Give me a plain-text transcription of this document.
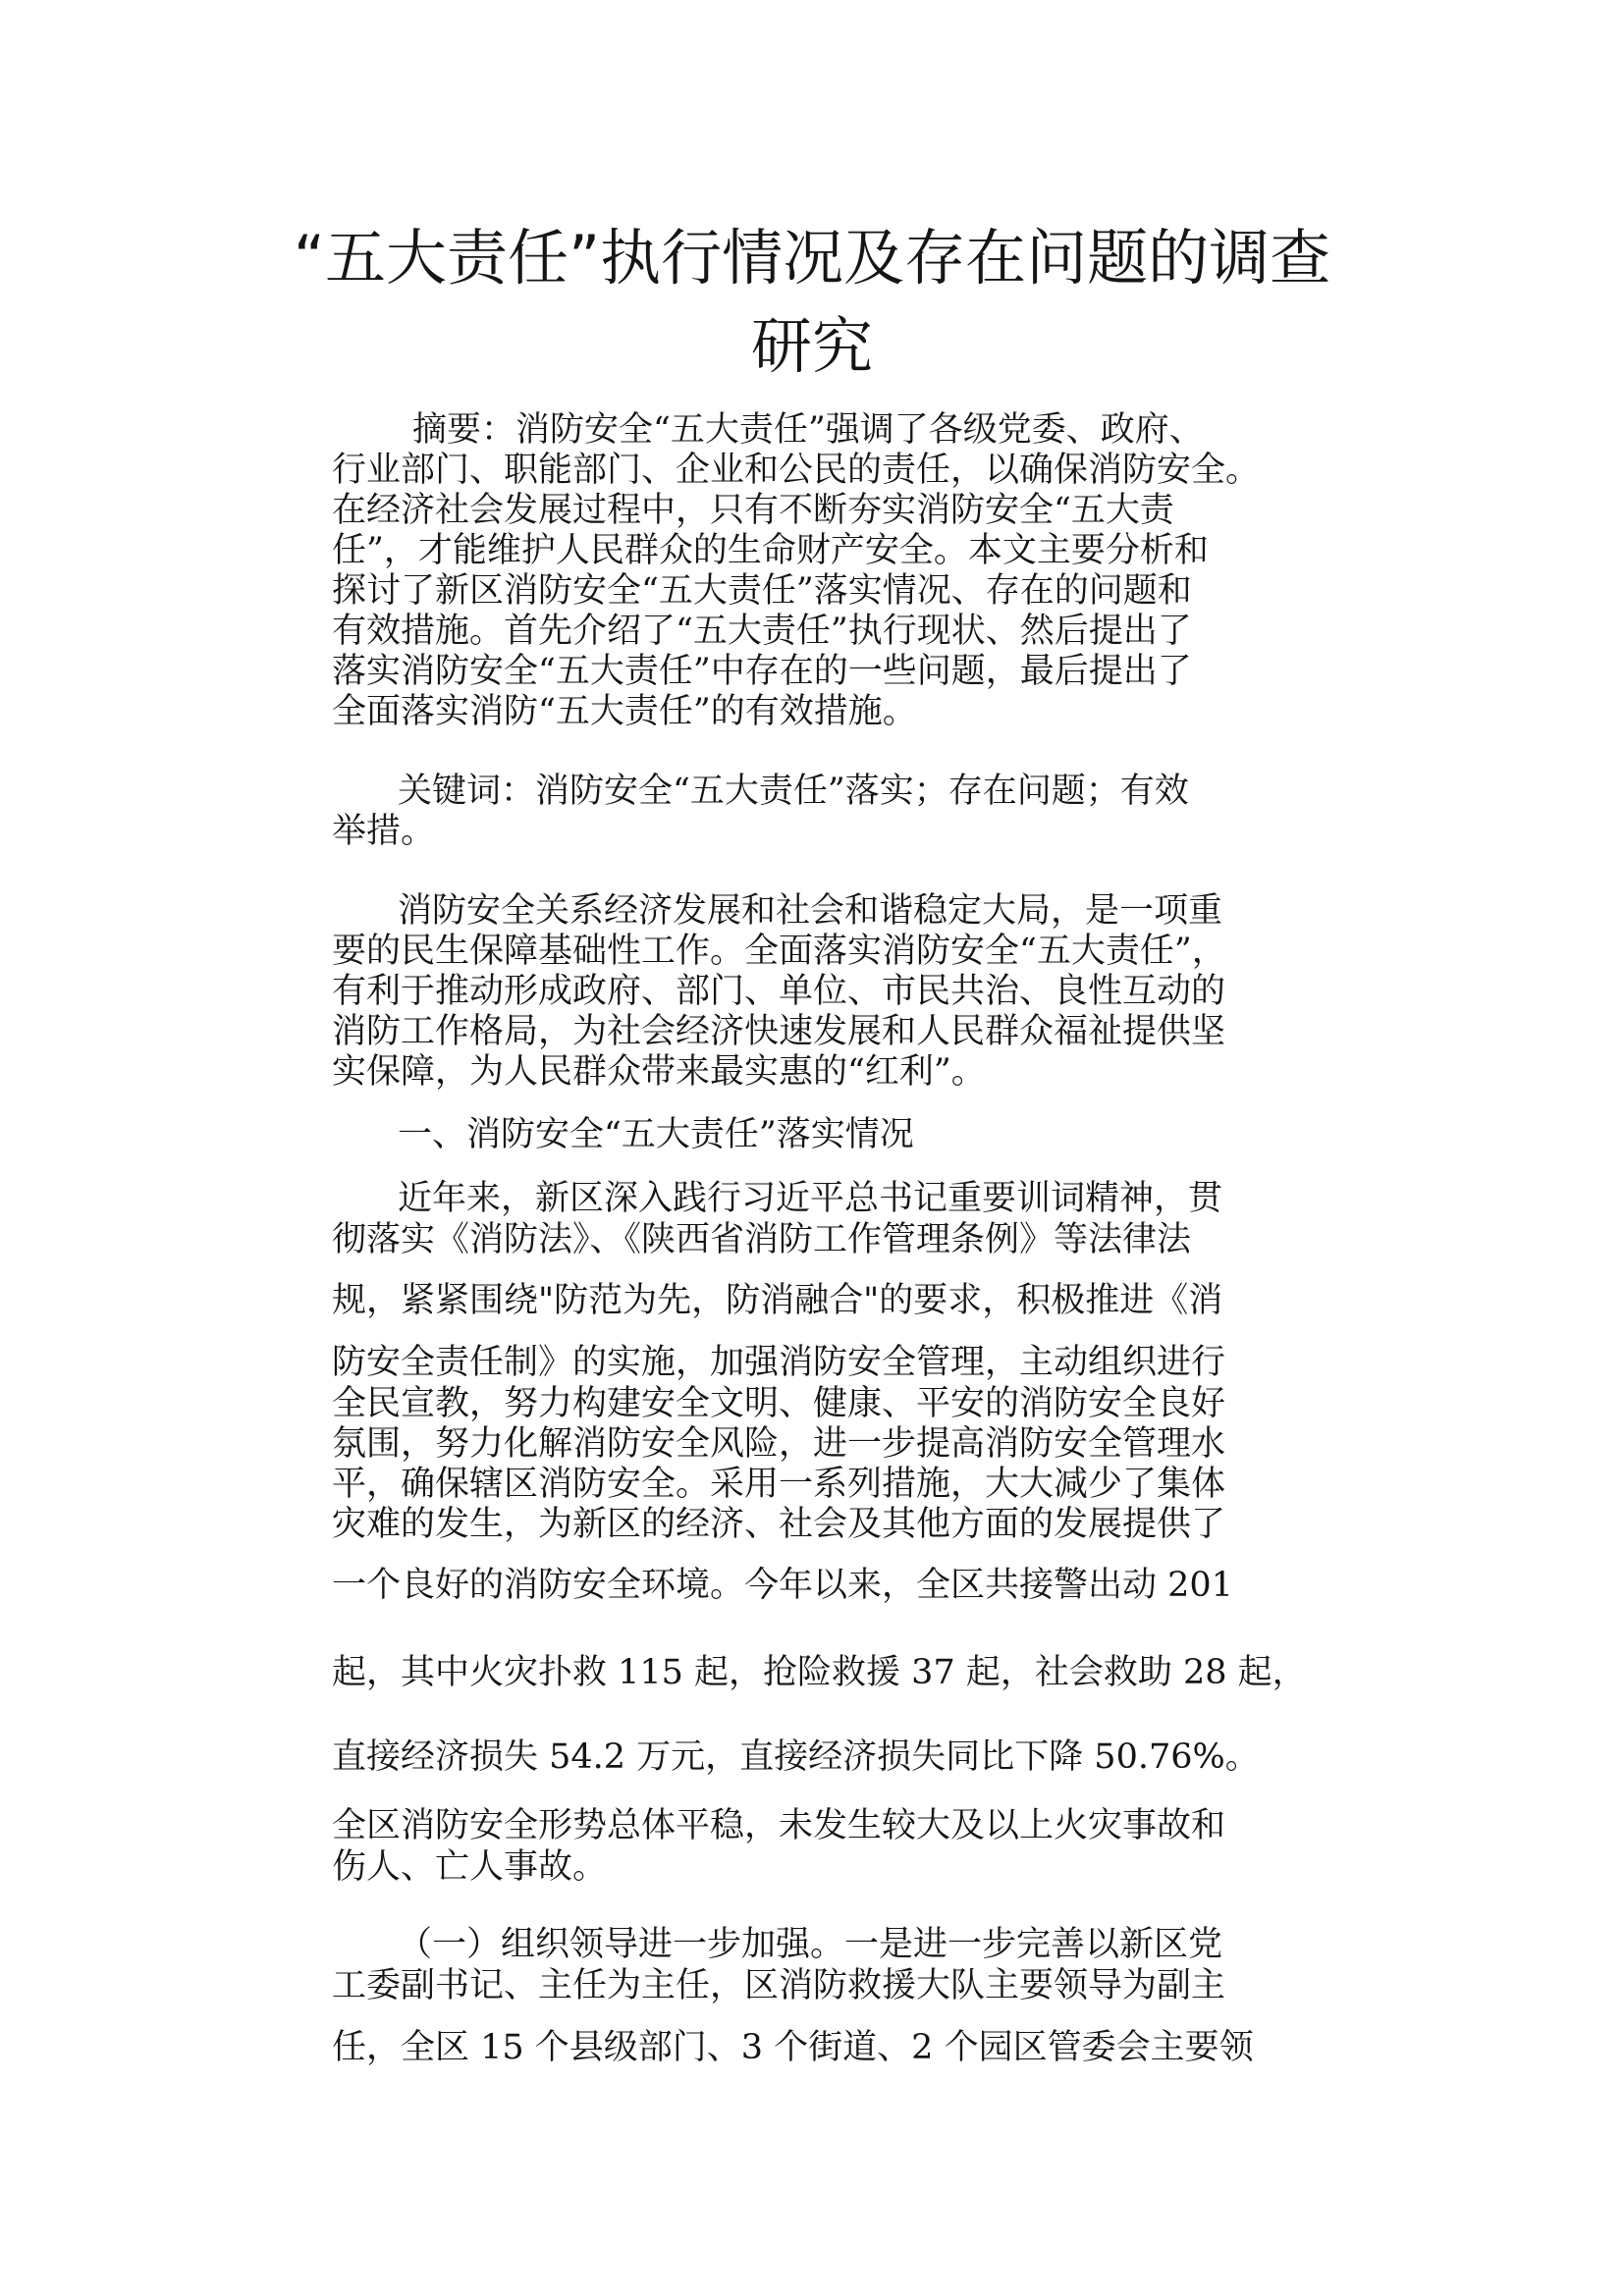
“五大责任”执行情况及存在问题的调查
研究
摘要：消防安全“五大责任”强调了各级党委、政府、
行业部门、职能部门、企业和公民的责任，以确保消防安全。
在经济社会发展过程中，只有不断夯实消防安全“五大责
任”，才能维护人民群众的生命财产安全。本文主要分析和
探讨了新区消防安全“五大责任”落实情况、存在的问题和
有效措施。首先介绍了“五大责任”执行现状、然后提出了
落实消防安全“五大责任”中存在的一些问题，最后提出了
全面落实消防“五大责任”的有效措施。
关键词：消防安全“五大责任”落实；存在问题；有效
举措。
消防安全关系经济发展和社会和谐稳定大局，是一项重
要的民生保障基础性工作。全面落实消防安全“五大责任”，
有利于推动形成政府、部门、单位、市民共治、良性互动的
消防工作格局，为社会经济快速发展和人民群众福祉提供坚
实保障，为人民群众带来最实惠的“红利”。
一、消防安全“五大责任”落实情况
近年来，新区深入践行习近平总书记重要训词精神，贯
彻落实《消防法》、《陕西省消防工作管理条例》等法律法
规，紧紧围绕"防范为先，防消融合"的要求，积极推进《消
防安全责任制》的实施，加强消防安全管理，主动组织进行
全民宣教，努力构建安全文明、健康、平安的消防安全良好
氛围，努力化解消防安全风险，进一步提高消防安全管理水
平，确保辖区消防安全。采用一系列措施，大大减少了集体
灾难的发生，为新区的经济、社会及其他方面的发展提供了
一个良好的消防安全环境。今年以来，全区共接警出动 201
起，其中火灾扑救 115 起，抢险救援 37 起，社会救助 28 起，
直接经济损失 54.2 万元，直接经济损失同比下降 50.76%。
全区消防安全形势总体平稳，未发生较大及以上火灾事故和
伤人、亡人事故。
（一）组织领导进一步加强。一是进一步完善以新区党
工委副书记、主任为主任，区消防救援大队主要领导为副主
任，全区 15 个县级部门、3 个街道、2 个园区管委会主要领
